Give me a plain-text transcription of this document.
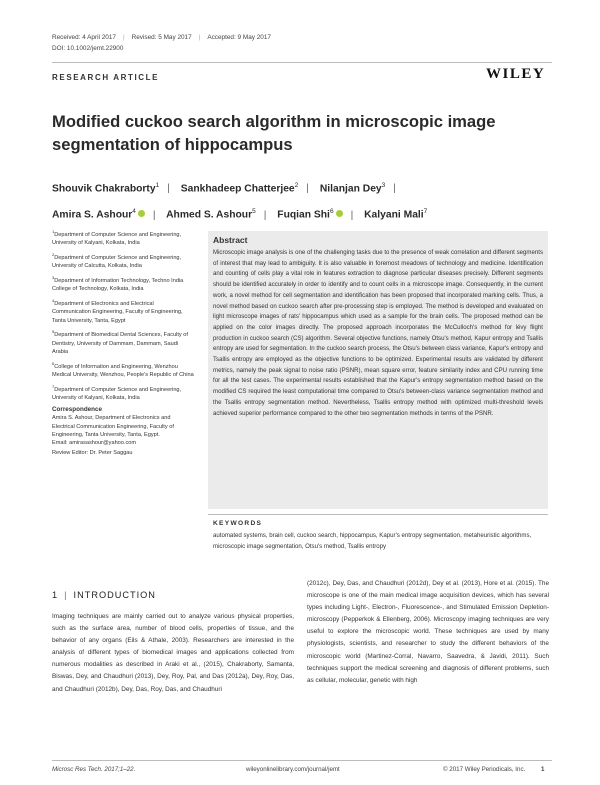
Received: 4 April 2017 | Revised: 5 May 2017 | Accepted: 9 May 2017
DOI: 10.1002/jemt.22900
RESEARCH ARTICLE	WILEY
Modified cuckoo search algorithm in microscopic image segmentation of hippocampus
Shouvik Chakraborty$^1$ | Sankhadeep Chatterjee$^2$ | Nilanjan Dey$^3$ |
Amira S. Ashour$^4$ | Ahmed S. Ashour$^5$ | Fuqian Shi$^6$ | Kalyani Mali$^7$

$^1$Department of Computer Science and Engineering, University of Kalyani, Kolkata, India

$^2$Department of Computer Science and Engineering, University of Calcutta, Kolkata, India

$^3$Department of Information Technology, Techno India College of Technology, Kolkata, India

$^4$Department of Electronics and Electrical Communication Engineering, Faculty of Engineering, Tanta University, Tanta, Egypt

$^5$Department of Biomedical Dental Sciences, Faculty of Dentistry, University of Dammam, Dammam, Saudi Arabia

$^6$College of Information and Engineering, Wenzhou Medical University, Wenzhou, People's Republic of China

$^7$Department of Computer Science and Engineering, University of Kalyani, Kolkata, India

Correspondence
Amira S. Ashour, Department of Electronics and Electrical Communication Engineering, Faculty of Engineering, Tanta University, Tanta, Egypt.
Email: amirasashour@yahoo.com
Review Editor: Dr. Peter Saggau
Abstract
Microscopic image analysis is one of the challenging tasks due to the presence of weak correlation and different segments of interest that may lead to ambiguity. It is also valuable in foremost meadows of technology and medicine. Identification and counting of cells play a vital role in features extraction to diagnose particular diseases precisely. Different segments should be identified accurately in order to identify and to count cells in a microscope image. Consequently, in the current work, a novel method for cell segmentation and identification has been proposed that incorporated marking cells. Thus, a novel method based on cuckoo search after pre-processing step is employed. The method is developed and evaluated on light microscope images of rats' hippocampus which used as a sample for the brain cells. The proposed method can be applied on the color images directly. The proposed approach incorporates the McCulloch's method for lévy flight production in cuckoo search (CS) algorithm. Several objective functions, namely Otsu's method, Kapur entropy and Tsallis entropy are used for segmentation. In the cuckoo search process, the Otsu's between class variance, Kapur's entropy and Tsallis entropy are employed as the objective functions to be optimized. Experimental results are validated by different metrics, namely the peak signal to noise ratio (PSNR), mean square error, feature similarity index and CPU running time for all the test cases. The experimental results established that the Kapur's entropy segmentation method based on the modified CS required the least computational time compared to Otsu's between-class variance segmentation method and the Tsallis entropy segmentation method. Nevertheless, Tsallis entropy method with optimized multi-threshold levels achieved superior performance compared to the other two segmentation methods in terms of the PSNR.
KEYWORDS
automated systems, brain cell, cuckoo search, hippocampus, Kapur's entropy segmentation, metaheuristic algorithms, microscopic image segmentation, Otsu's method, Tsallis entropy
1 | INTRODUCTION
Imaging techniques are mainly carried out to analyze various physical properties, such as the surface area, number of blood cells, properties of tissue, and the behavior of any organs (Eils & Athale, 2003). Researchers are interested in the analysis of different types of biomedical images and applications collected from numerous modalities as described in Araki et al., (2015), Chakraborty, Samanta, Biswas, Dey, and Chaudhuri (2013), Dey, Roy, Pal, and Das (2012a), Dey, Roy, Das, and Chaudhuri (2012b), Dey, Das, Roy, Das, and Chaudhuri
(2012c), Dey, Das, and Chaudhuri (2012d), Dey et al. (2013), Hore et al. (2015). The microscope is one of the main medical image acquisition devices, which has several types including Light-, Electron-, Fluorescence-, and Stimulated Emission Depletion-microscopy (Pepperkok & Ellenberg, 2006). Microscopy imaging techniques are very useful to explore the microscopic world. These techniques are used by many physiologists, scientists, and researcher to study the different behaviors of the microscopic world (Martinez-Corral, Navarro, Saavedra, & Javidi, 2011). Such techniques support the medical screening and diagnosis of different problems, such as cellular, molecular, genetic with high
Microsc Res Tech. 2017;1–22.	wileyonlinelibrary.com/journal/jemt	© 2017 Wiley Periodicals, Inc.	1
